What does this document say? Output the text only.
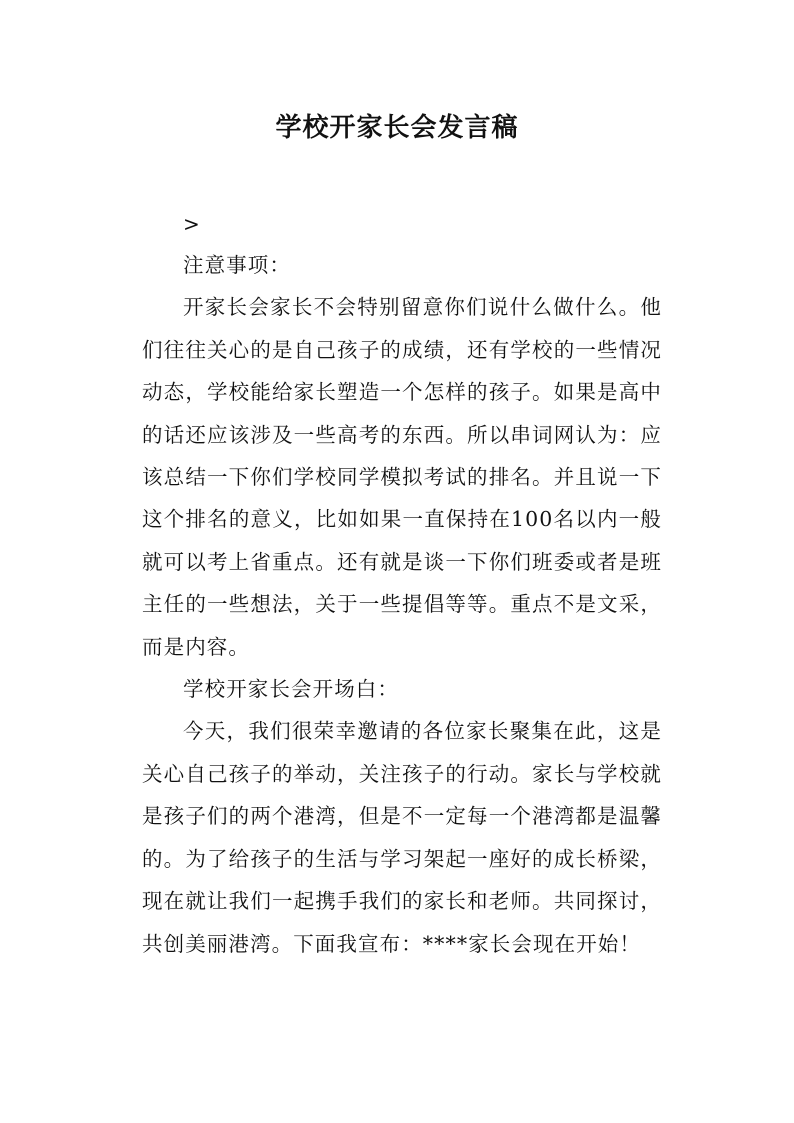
学校开家长会发言稿
>

注意事项：

开家长会家长不会特别留意你们说什么做什么。他们往往关心的是自己孩子的成绩，还有学校的一些情况动态，学校能给家长塑造一个怎样的孩子。如果是高中的话还应该涉及一些高考的东西。所以串词网认为：应该总结一下你们学校同学模拟考试的排名。并且说一下这个排名的意义，比如如果一直保持在100名以内一般就可以考上省重点。还有就是谈一下你们班委或者是班主任的一些想法，关于一些提倡等等。重点不是文采，而是内容。

学校开家长会开场白：

今天，我们很荣幸邀请的各位家长聚集在此，这是关心自己孩子的举动，关注孩子的行动。家长与学校就是孩子们的两个港湾，但是不一定每一个港湾都是温馨的。为了给孩子的生活与学习架起一座好的成长桥梁，现在就让我们一起携手我们的家长和老师。共同探讨，共创美丽港湾。下面我宣布：****家长会现在开始！
